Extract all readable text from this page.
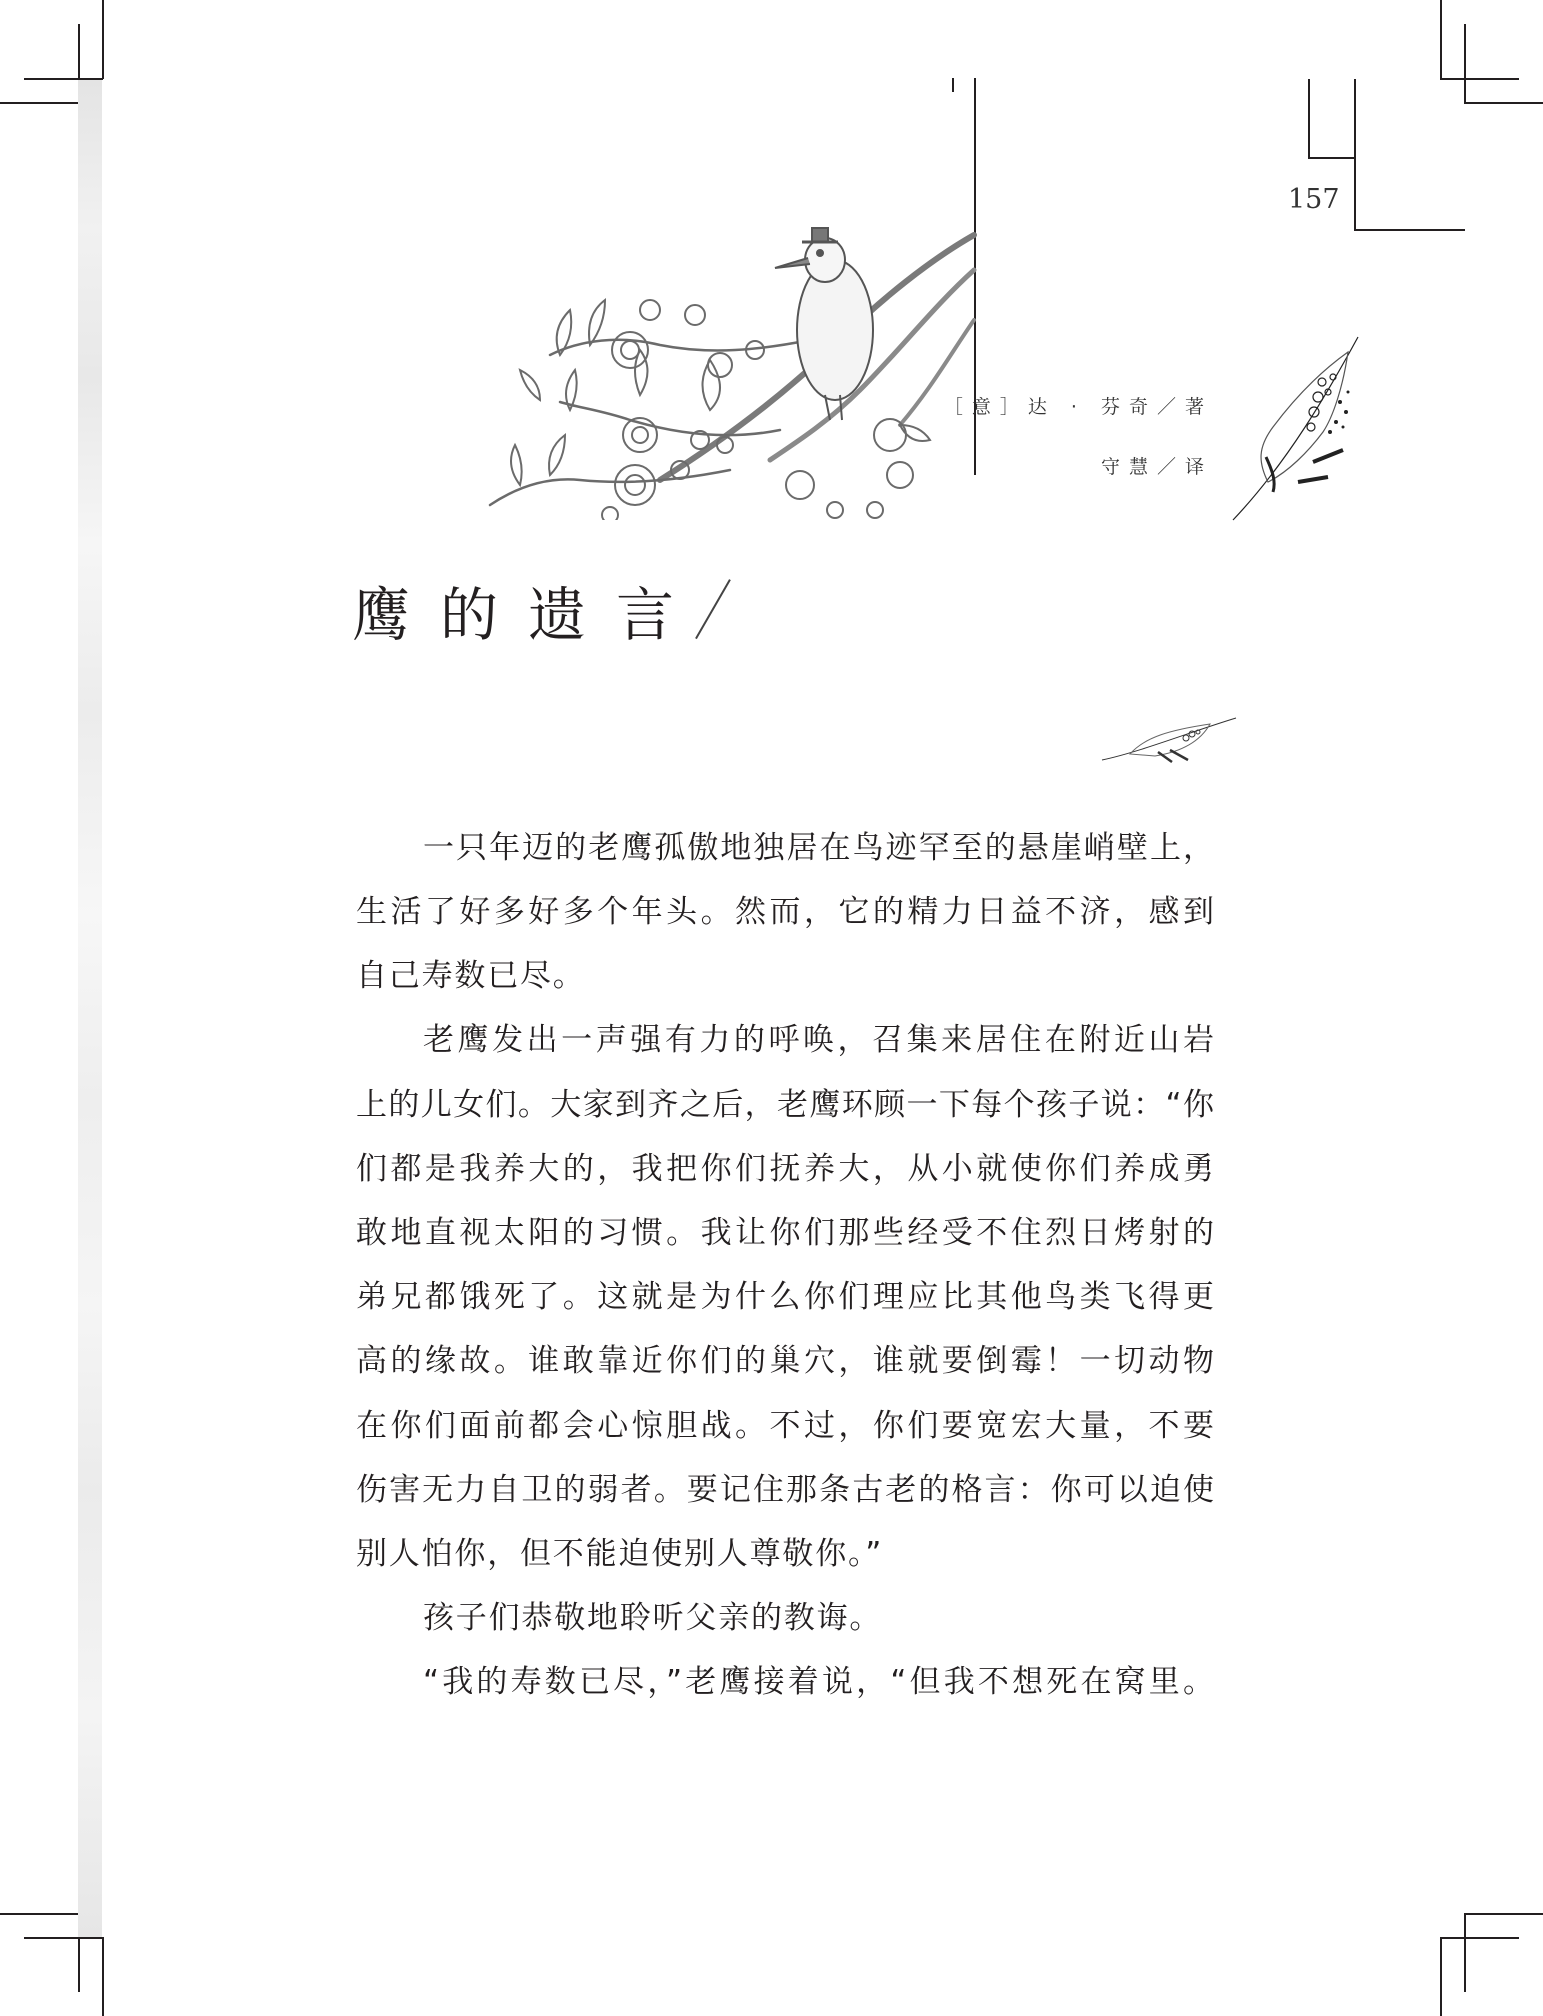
157
［意］达 · 芬奇／著
守慧／译
鹰的遗言
一只年迈的老鹰孤傲地独居在鸟迹罕至的悬崖峭壁上，
生活了好多好多个年头。然而，它的精力日益不济，感到
自己寿数已尽。
老鹰发出一声强有力的呼唤，召集来居住在附近山岩
上的儿女们。大家到齐之后，老鹰环顾一下每个孩子说：“你
们都是我养大的，我把你们抚养大，从小就使你们养成勇
敢地直视太阳的习惯。我让你们那些经受不住烈日烤射的
弟兄都饿死了。这就是为什么你们理应比其他鸟类飞得更
高的缘故。谁敢靠近你们的巢穴，谁就要倒霉！一切动物
在你们面前都会心惊胆战。不过，你们要宽宏大量，不要
伤害无力自卫的弱者。要记住那条古老的格言：你可以迫使
别人怕你，但不能迫使别人尊敬你。”
孩子们恭敬地聆听父亲的教诲。
“我的寿数已尽，”老鹰接着说，“但我不想死在窝里。
